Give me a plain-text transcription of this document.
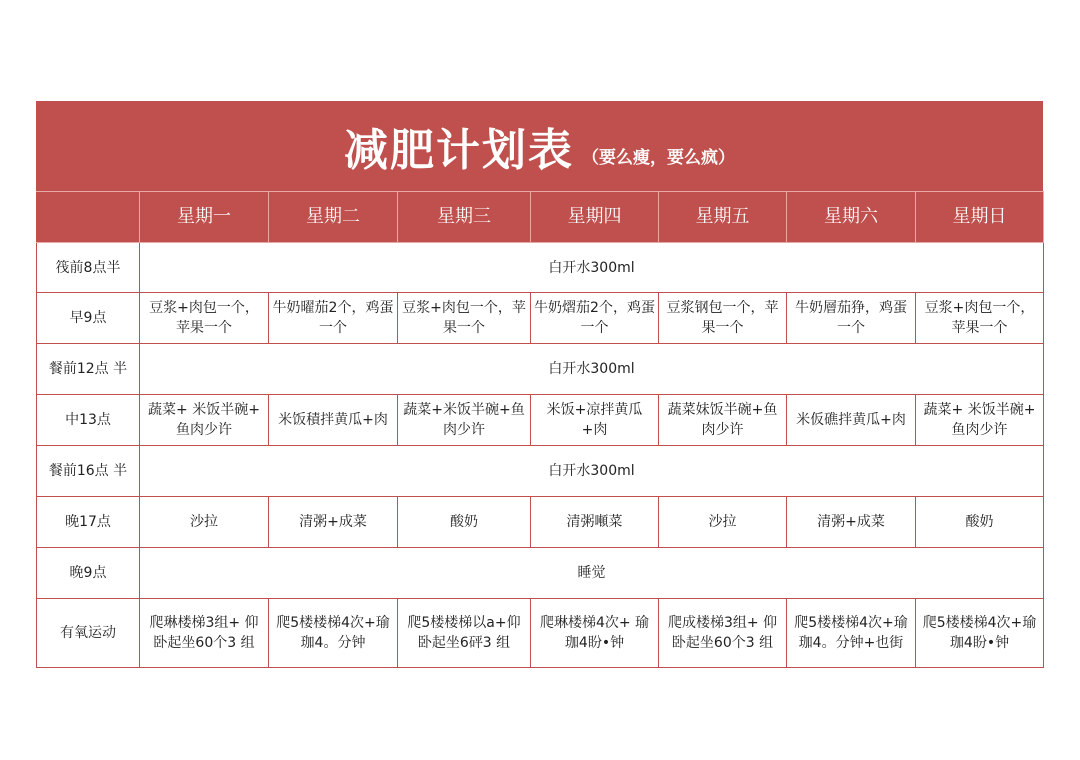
减肥计划表 （要么瘦，要么疯）
	星期一	星期二	星期三	星期四	星期五	星期六	星期日
筏前8点半	白开水300ml						
早9点	豆浆+肉包一个，苹果一个	牛奶曜茄2个，鸡蛋一个	豆浆+肉包一个，苹果一个	牛奶熠茄2个，鸡蛋一个	豆浆钢包一个，苹果一个	牛奶層茄狰，鸡蛋一个	豆浆+肉包一个，苹果一个
餐前12点 半	白开水300ml						
中13点	蔬菜+ 米饭半碗+ 鱼肉少许	米饭積拌黄瓜+肉	蔬菜+米饭半碗+鱼肉少许	米饭+凉拌黄瓜+肉	蔬菜妹饭半碗+鱼肉少许	米仮礁拌黄瓜+肉	蔬菜+ 米饭半碗+ 鱼肉少许
餐前16点 半	白开水300ml						
晚17点	沙拉	清粥+成菜	酸奶	清粥噸菜	沙拉	清粥+成菜	酸奶
晚9点	睡觉						
有氧运动	爬琳楼梯3组+ 仰卧起坐60个3 组	爬5楼楼梯4次+瑜珈4。分钟	爬5楼楼梯以a+仰卧起坐6砰3 组	爬琳楼梯4次+ 瑜珈4盼•钟	爬成楼梯3组+ 仰卧起坐60个3 组	爬5楼楼梯4次+瑜珈4。分钟+也街	爬5楼楼梯4次+瑜珈4盼•钟
